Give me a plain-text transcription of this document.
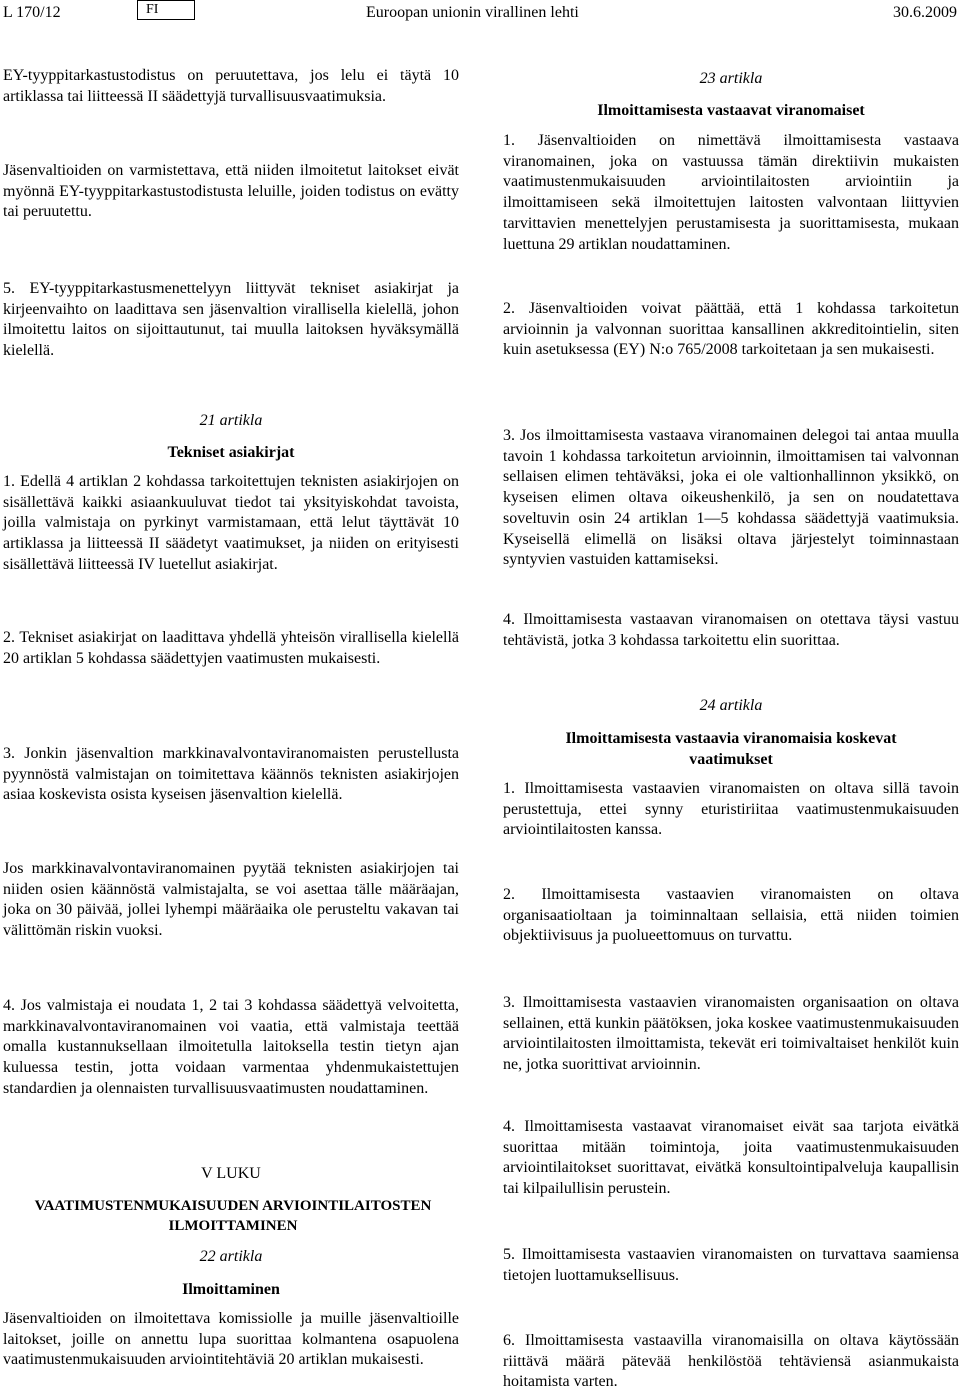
L 170/12	FI	Euroopan unionin virallinen lehti	30.6.2009
EY-tyyppitarkastustodistus on peruutettava, jos lelu ei täytä 10 artiklassa tai liitteessä II säädettyjä turvallisuusvaatimuksia.
Jäsenvaltioiden on varmistettava, että niiden ilmoitetut laitokset eivät myönnä EY-tyyppitarkastustodistusta leluille, joiden todistus on evätty tai peruutettu.
5. EY-tyyppitarkastusmenettelyyn liittyvät tekniset asiakirjat ja kirjeenvaihto on laadittava sen jäsenvaltion virallisella kielellä, johon ilmoitettu laitos on sijoittautunut, tai muulla laitoksen hyväksymällä kielellä.
21 artikla
Tekniset asiakirjat
1. Edellä 4 artiklan 2 kohdassa tarkoitettujen teknisten asiakirjojen on sisällettävä kaikki asiaankuuluvat tiedot tai yksityiskohdat tavoista, joilla valmistaja on pyrkinyt varmistamaan, että lelut täyttävät 10 artiklassa ja liitteessä II säädetyt vaatimukset, ja niiden on erityisesti sisällettävä liitteessä IV luetellut asiakirjat.
2. Tekniset asiakirjat on laadittava yhdellä yhteisön virallisella kielellä 20 artiklan 5 kohdassa säädettyjen vaatimusten mukaisesti.
3. Jonkin jäsenvaltion markkinavalvontaviranomaisten perustellusta pyynnöstä valmistajan on toimitettava käännös teknisten asiakirjojen asiaa koskevista osista kyseisen jäsenvaltion kielellä.
Jos markkinavalvontaviranomainen pyytää teknisten asiakirjojen tai niiden osien käännöstä valmistajalta, se voi asettaa tälle määräajan, joka on 30 päivää, jollei lyhempi määräaika ole perusteltu vakavan tai välittömän riskin vuoksi.
4. Jos valmistaja ei noudata 1, 2 tai 3 kohdassa säädettyä velvoitetta, markkinavalvontaviranomainen voi vaatia, että valmistaja teettää omalla kustannuksellaan ilmoitetulla laitoksella testin tietyn ajan kuluessa testin, jotta voidaan varmentaa yhdenmukaistettujen standardien ja olennaisten turvallisuusvaatimusten noudattaminen.
V LUKU
VAATIMUSTENMUKAISUUDEN ARVIOINTILAITOSTEN ILMOITTAMINEN
22 artikla
Ilmoittaminen
Jäsenvaltioiden on ilmoitettava komissiolle ja muille jäsenvaltioille laitokset, joille on annettu lupa suorittaa kolmantena osapuolena vaatimustenmukaisuuden arviointitehtäviä 20 artiklan mukaisesti.
23 artikla
Ilmoittamisesta vastaavat viranomaiset
1. Jäsenvaltioiden on nimettävä ilmoittamisesta vastaava viranomainen, joka on vastuussa tämän direktiivin mukaisten vaatimustenmukaisuuden arviointilaitosten arviointiin ja ilmoittamiseen sekä ilmoitettujen laitosten valvontaan liittyvien tarvittavien menettelyjen perustamisesta ja suorittamisesta, mukaan luettuna 29 artiklan noudattaminen.
2. Jäsenvaltioiden voivat päättää, että 1 kohdassa tarkoitetun arvioinnin ja valvonnan suorittaa kansallinen akkreditointielin, siten kuin asetuksessa (EY) N:o 765/2008 tarkoitetaan ja sen mukaisesti.
3. Jos ilmoittamisesta vastaava viranomainen delegoi tai antaa muulla tavoin 1 kohdassa tarkoitetun arvioinnin, ilmoittamisen tai valvonnan sellaisen elimen tehtäväksi, joka ei ole valtionhallinnon yksikkö, on kyseisen elimen oltava oikeushenkilö, ja sen on noudatettava soveltuvin osin 24 artiklan 1—5 kohdassa säädettyjä vaatimuksia. Kyseisellä elimellä on lisäksi oltava järjestelyt toiminnastaan syntyvien vastuiden kattamiseksi.
4. Ilmoittamisesta vastaavan viranomaisen on otettava täysi vastuu tehtävistä, jotka 3 kohdassa tarkoitettu elin suorittaa.
24 artikla
Ilmoittamisesta vastaavia viranomaisia koskevat vaatimukset
1. Ilmoittamisesta vastaavien viranomaisten on oltava sillä tavoin perustettuja, ettei synny eturistiriitaa vaatimustenmukaisuuden arviointilaitosten kanssa.
2. Ilmoittamisesta vastaavien viranomaisten on oltava organisaatioltaan ja toiminnaltaan sellaisia, että niiden toimien objektiivisuus ja puolueettomuus on turvattu.
3. Ilmoittamisesta vastaavien viranomaisten organisaation on oltava sellainen, että kunkin päätöksen, joka koskee vaatimustenmukaisuuden arviointilaitosten ilmoittamista, tekevät eri toimivaltaiset henkilöt kuin ne, jotka suorittivat arvioinnin.
4. Ilmoittamisesta vastaavat viranomaiset eivät saa tarjota eivätkä suorittaa mitään toimintoja, joita vaatimustenmukaisuuden arviointilaitokset suorittavat, eivätkä konsultointipalveluja kaupallisin tai kilpailullisin perustein.
5. Ilmoittamisesta vastaavien viranomaisten on turvattava saamiensa tietojen luottamuksellisuus.
6. Ilmoittamisesta vastaavilla viranomaisilla on oltava käytössään riittävä määrä pätevää henkilöstöä tehtäviensä asianmukaista hoitamista varten.
